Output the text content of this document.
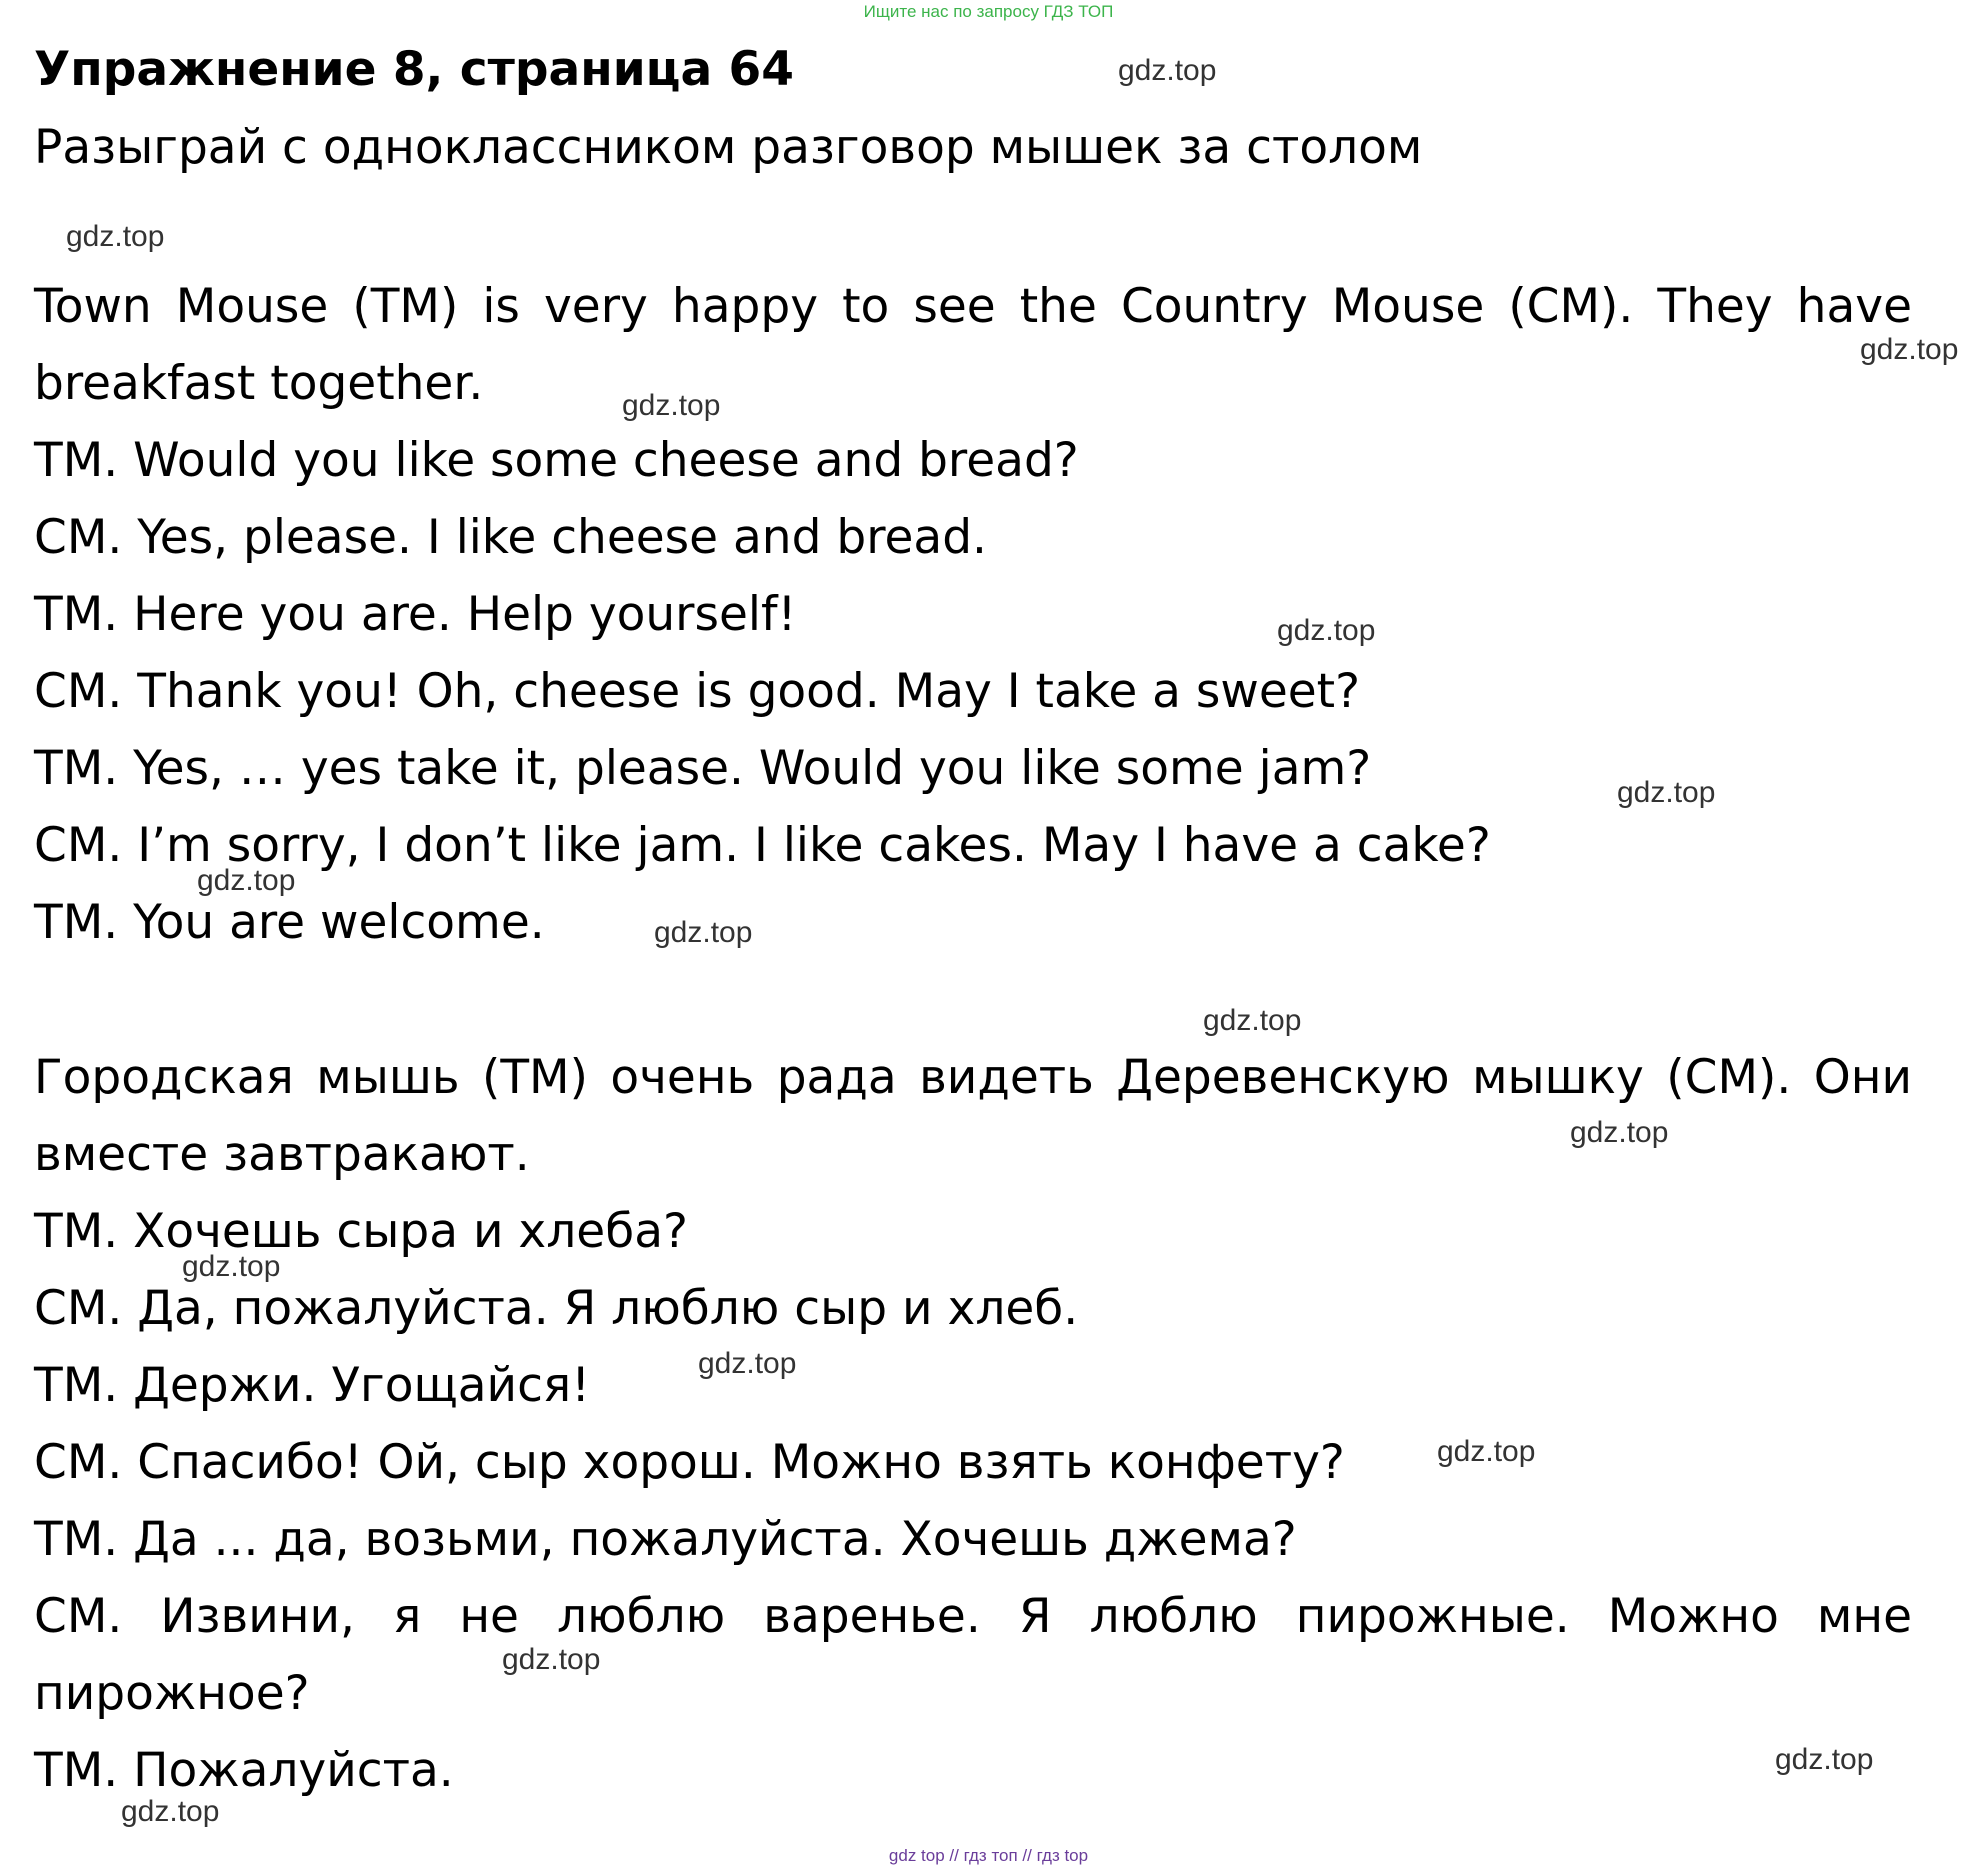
Ищите нас по запросу ГДЗ ТОП
Упражнение 8, страница 64

Разыграй с одноклассником разговор мышек за столом

Town Mouse (TM) is very happy to see the Country Mouse (CM). They have breakfast together.

TM. Would you like some cheese and bread?

CM. Yes, please. I like cheese and bread.

TM. Here you are. Help yourself!

CM. Thank you! Oh, cheese is good. May I take a sweet?

TM. Yes, … yes take it, please. Would you like some jam?

CM. I’m sorry, I don’t like jam. I like cakes. May I have a cake?

TM. You are welcome.

Городская мышь (ТМ) очень рада видеть Деревенскую мышку (СМ). Они вместе завтракают.

ТМ. Хочешь сыра и хлеба?

СМ. Да, пожалуйста. Я люблю сыр и хлеб.

ТМ. Держи. Угощайся!

СМ. Спасибо! Ой, сыр хорош. Можно взять конфету?

ТМ. Да ... да, возьми, пожалуйста. Хочешь джема?

СМ. Извини, я не люблю варенье. Я люблю пирожные. Можно мне пирожное?

ТМ. Пожалуйста.

gdz.top
gdz.top
gdz.top
gdz.top
gdz.top
gdz.top
gdz.top
gdz.top
gdz.top
gdz.top
gdz.top
gdz.top
gdz.top
gdz.top
gdz.top
gdz.top
gdz top // гдз топ // гдз top
